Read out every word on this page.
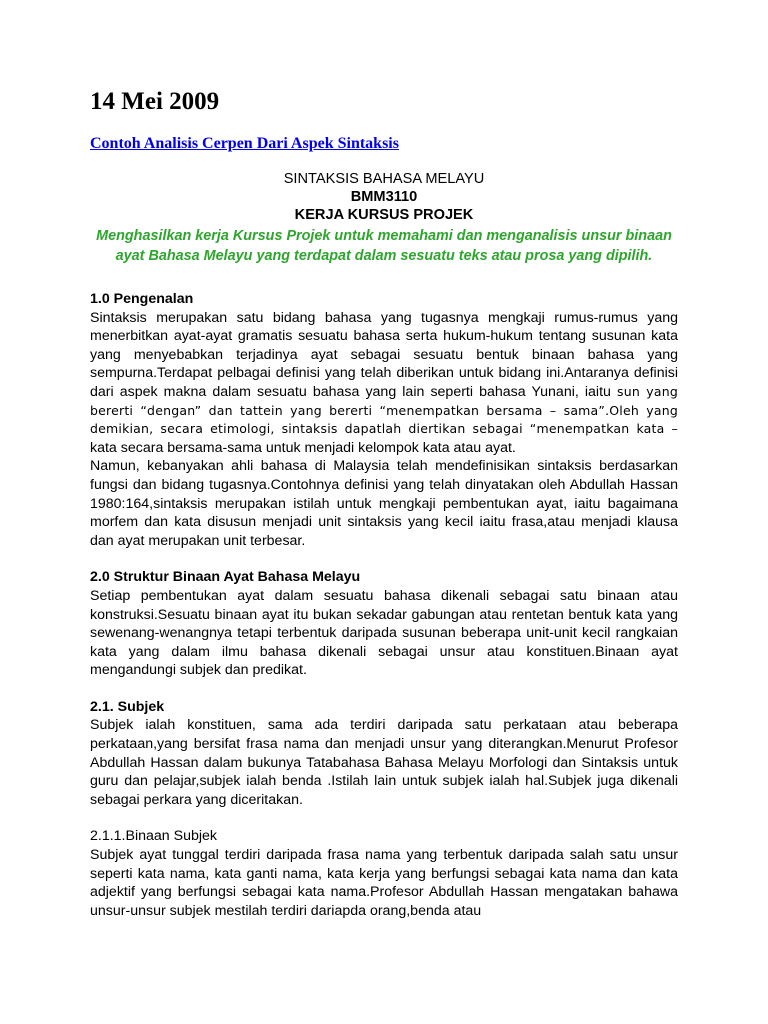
14 Mei 2009
Contoh Analisis Cerpen Dari Aspek Sintaksis
SINTAKSIS BAHASA MELAYU
BMM3110
KERJA KURSUS PROJEK
Menghasilkan kerja Kursus Projek untuk memahami dan menganalisis unsur binaan ayat Bahasa Melayu yang terdapat dalam sesuatu teks atau prosa yang dipilih.
1.0 Pengenalan

Sintaksis merupakan satu bidang bahasa yang tugasnya mengkaji rumus-rumus yang menerbitkan ayat-ayat gramatis sesuatu bahasa serta hukum-hukum tentang susunan kata yang menyebabkan terjadinya ayat sebagai sesuatu bentuk binaan bahasa yang sempurna.Terdapat pelbagai definisi yang telah diberikan untuk bidang ini.Antaranya definisi dari aspek makna dalam sesuatu bahasa yang lain seperti bahasa Yunani, iaitu sun yang bererti “dengan” dan tattein yang bererti “menempatkan bersama – sama”.Oleh yang demikian, secara etimologi, sintaksis dapatlah diertikan sebagai “menempatkan kata – kata secara bersama-sama untuk menjadi kelompok kata atau ayat.

Namun, kebanyakan ahli bahasa di Malaysia telah mendefinisikan sintaksis berdasarkan fungsi dan bidang tugasnya.Contohnya definisi yang telah dinyatakan oleh Abdullah Hassan 1980:164,sintaksis merupakan istilah untuk mengkaji pembentukan ayat, iaitu bagaimana morfem dan kata disusun menjadi unit sintaksis yang kecil iaitu frasa,atau menjadi klausa dan ayat merupakan unit terbesar.

2.0 Struktur Binaan Ayat Bahasa Melayu

Setiap pembentukan ayat dalam sesuatu bahasa dikenali sebagai satu binaan atau konstruksi.Sesuatu binaan ayat itu bukan sekadar gabungan atau rentetan bentuk kata yang sewenang-wenangnya tetapi terbentuk daripada susunan beberapa unit-unit kecil rangkaian kata yang dalam ilmu bahasa dikenali sebagai unsur atau konstituen.Binaan ayat mengandungi subjek dan predikat.

2.1. Subjek

Subjek ialah konstituen, sama ada terdiri daripada satu perkataan atau beberapa perkataan,yang bersifat frasa nama dan menjadi unsur yang diterangkan.Menurut Profesor Abdullah Hassan dalam bukunya Tatabahasa Bahasa Melayu Morfologi dan Sintaksis untuk guru dan pelajar,subjek ialah benda .Istilah lain untuk subjek ialah hal.Subjek juga dikenali sebagai perkara yang diceritakan.

2.1.1.Binaan Subjek

Subjek ayat tunggal terdiri daripada frasa nama yang terbentuk daripada salah satu unsur seperti kata nama, kata ganti nama, kata kerja yang berfungsi sebagai kata nama dan kata adjektif yang berfungsi sebagai kata nama.Profesor Abdullah Hassan mengatakan bahawa unsur-unsur subjek mestilah terdiri dariapda orang,benda atau
